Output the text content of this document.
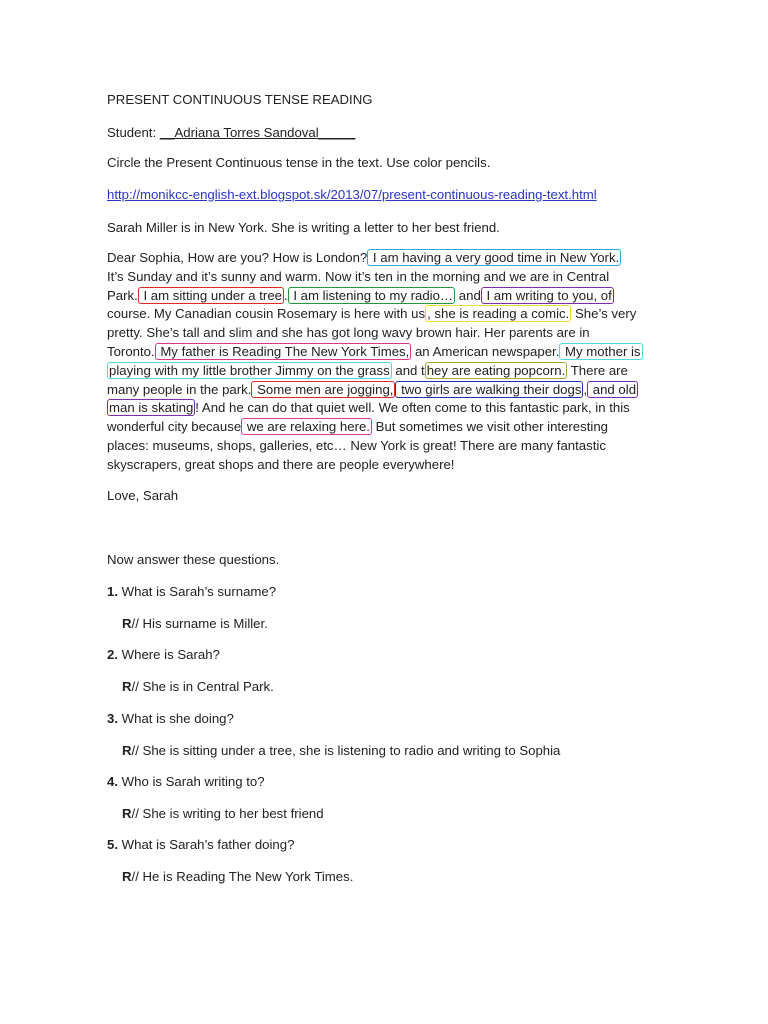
PRESENT CONTINUOUS TENSE READING
Student: __Adriana Torres Sandoval_____
Circle the Present Continuous tense in the text. Use color pencils.
http://monikcc-english-ext.blogspot.sk/2013/07/present-continuous-reading-text.html
Sarah Miller is in New York. She is writing a letter to her best friend.
Dear Sophia, How are you? How is London? I am having a very good time in New York.
It’s Sunday and it’s sunny and warm. Now it’s ten in the morning and we are in Central
Park. I am sitting under a tree . I am listening to my radio… and I am writing to you, of
course. My Canadian cousin Rosemary is here with us , she is reading a comic. She’s very
pretty. She’s tall and slim and she has got long wavy brown hair. Her parents are in
Toronto. My father is Reading The New York Times, an American newspaper. My mother is
playing with my little brother Jimmy on the grass and t hey are eating popcorn. There are
many people in the park. Some men are jogging, two girls are walking their dogs , and old
man is skating ! And he can do that quiet well. We often come to this fantastic park, in this
wonderful city because we are relaxing here. But sometimes we visit other interesting
places: museums, shops, galleries, etc… New York is great! There are many fantastic
skyscrapers, great shops and there are people everywhere!
Love, Sarah
Now answer these questions.
1. What is Sarah’s surname?
R// His surname is Miller.
2. Where is Sarah?
R// She is in Central Park.
3. What is she doing?
R// She is sitting under a tree, she is listening to radio and writing to Sophia
4. Who is Sarah writing to?
R// She is writing to her best friend
5. What is Sarah’s father doing?
R// He is Reading The New York Times.
